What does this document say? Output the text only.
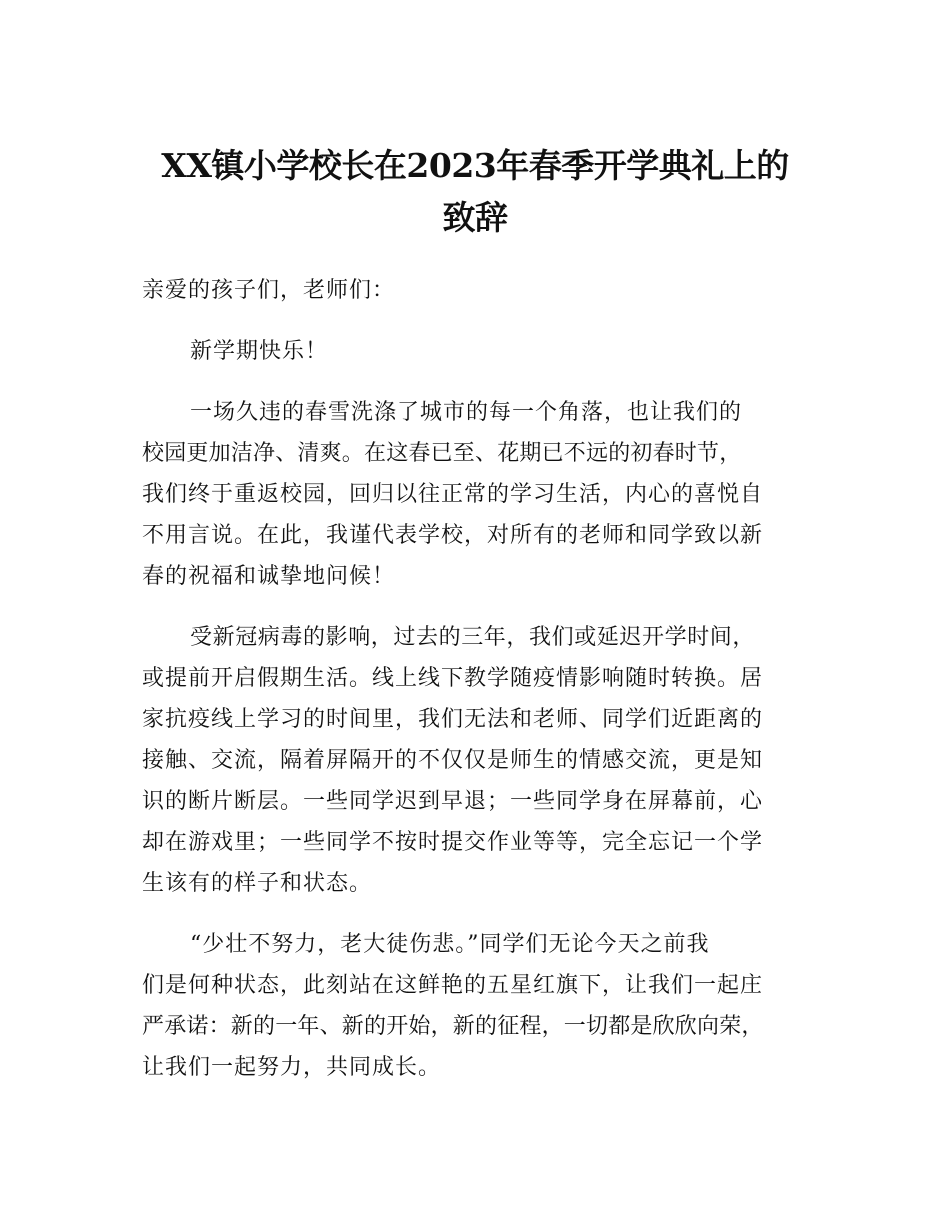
XX镇小学校长在2023年春季开学典礼上的
致辞

亲爱的孩子们，老师们：

新学期快乐！

一场久违的春雪洗涤了城市的每一个角落，也让我们的
校园更加洁净、清爽。在这春已至、花期已不远的初春时节，
我们终于重返校园，回归以往正常的学习生活，内心的喜悦自
不用言说。在此，我谨代表学校，对所有的老师和同学致以新
春的祝福和诚挚地问候！

受新冠病毒的影响，过去的三年，我们或延迟开学时间，
或提前开启假期生活。线上线下教学随疫情影响随时转换。居
家抗疫线上学习的时间里，我们无法和老师、同学们近距离的
接触、交流，隔着屏隔开的不仅仅是师生的情感交流，更是知
识的断片断层。一些同学迟到早退；一些同学身在屏幕前，心
却在游戏里；一些同学不按时提交作业等等，完全忘记一个学
生该有的样子和状态。

“少壮不努力，老大徒伤悲。”同学们无论今天之前我
们是何种状态，此刻站在这鲜艳的五星红旗下，让我们一起庄
严承诺：新的一年、新的开始，新的征程，一切都是欣欣向荣，
让我们一起努力，共同成长。
